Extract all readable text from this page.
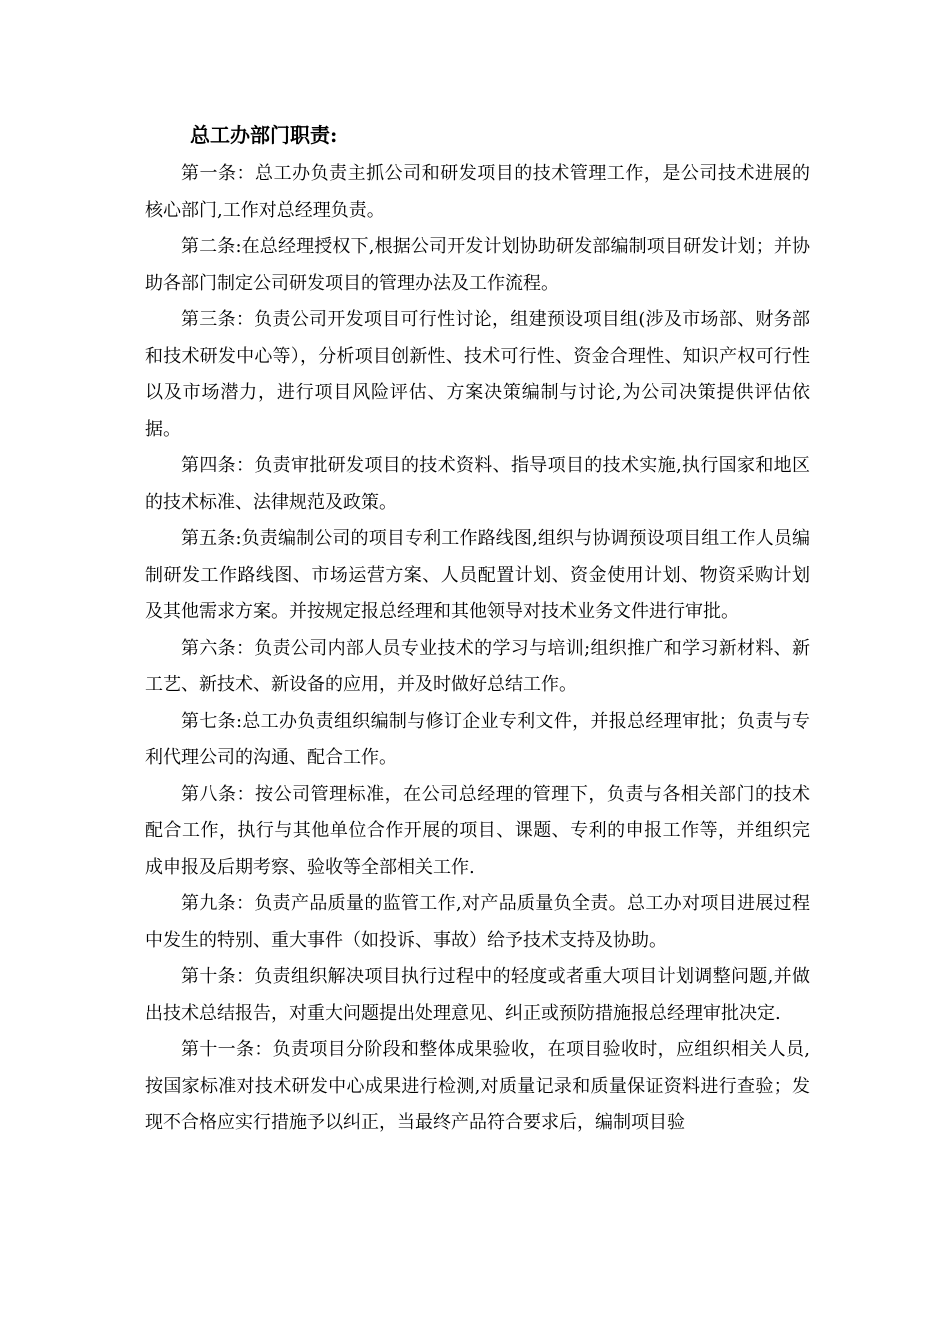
总工办部门职责:

第一条：总工办负责主抓公司和研发项目的技术管理工作，是公司技术进展的核心部门,工作对总经理负责。

第二条:在总经理授权下,根据公司开发计划协助研发部编制项目研发计划；并协助各部门制定公司研发项目的管理办法及工作流程。

第三条：负责公司开发项目可行性讨论，组建预设项目组(涉及市场部、财务部和技术研发中心等），分析项目创新性、技术可行性、资金合理性、知识产权可行性以及市场潜力，进行项目风险评估、方案决策编制与讨论,为公司决策提供评估依据。

第四条：负责审批研发项目的技术资料、指导项目的技术实施,执行国家和地区的技术标准、法律规范及政策。

第五条:负责编制公司的项目专利工作路线图,组织与协调预设项目组工作人员编制研发工作路线图、市场运营方案、人员配置计划、资金使用计划、物资采购计划及其他需求方案。并按规定报总经理和其他领导对技术业务文件进行审批。

第六条：负责公司内部人员专业技术的学习与培训;组织推广和学习新材料、新工艺、新技术、新设备的应用，并及时做好总结工作。

第七条:总工办负责组织编制与修订企业专利文件，并报总经理审批；负责与专利代理公司的沟通、配合工作。

第八条：按公司管理标准，在公司总经理的管理下，负责与各相关部门的技术配合工作，执行与其他单位合作开展的项目、课题、专利的申报工作等，并组织完成申报及后期考察、验收等全部相关工作.

第九条：负责产品质量的监管工作,对产品质量负全责。总工办对项目进展过程中发生的特别、重大事件（如投诉、事故）给予技术支持及协助。

第十条：负责组织解决项目执行过程中的轻度或者重大项目计划调整问题,并做出技术总结报告，对重大问题提出处理意见、纠正或预防措施报总经理审批决定.

第十一条：负责项目分阶段和整体成果验收，在项目验收时，应组织相关人员,按国家标准对技术研发中心成果进行检测,对质量记录和质量保证资料进行查验；发现不合格应实行措施予以纠正，当最终产品符合要求后，编制项目验
